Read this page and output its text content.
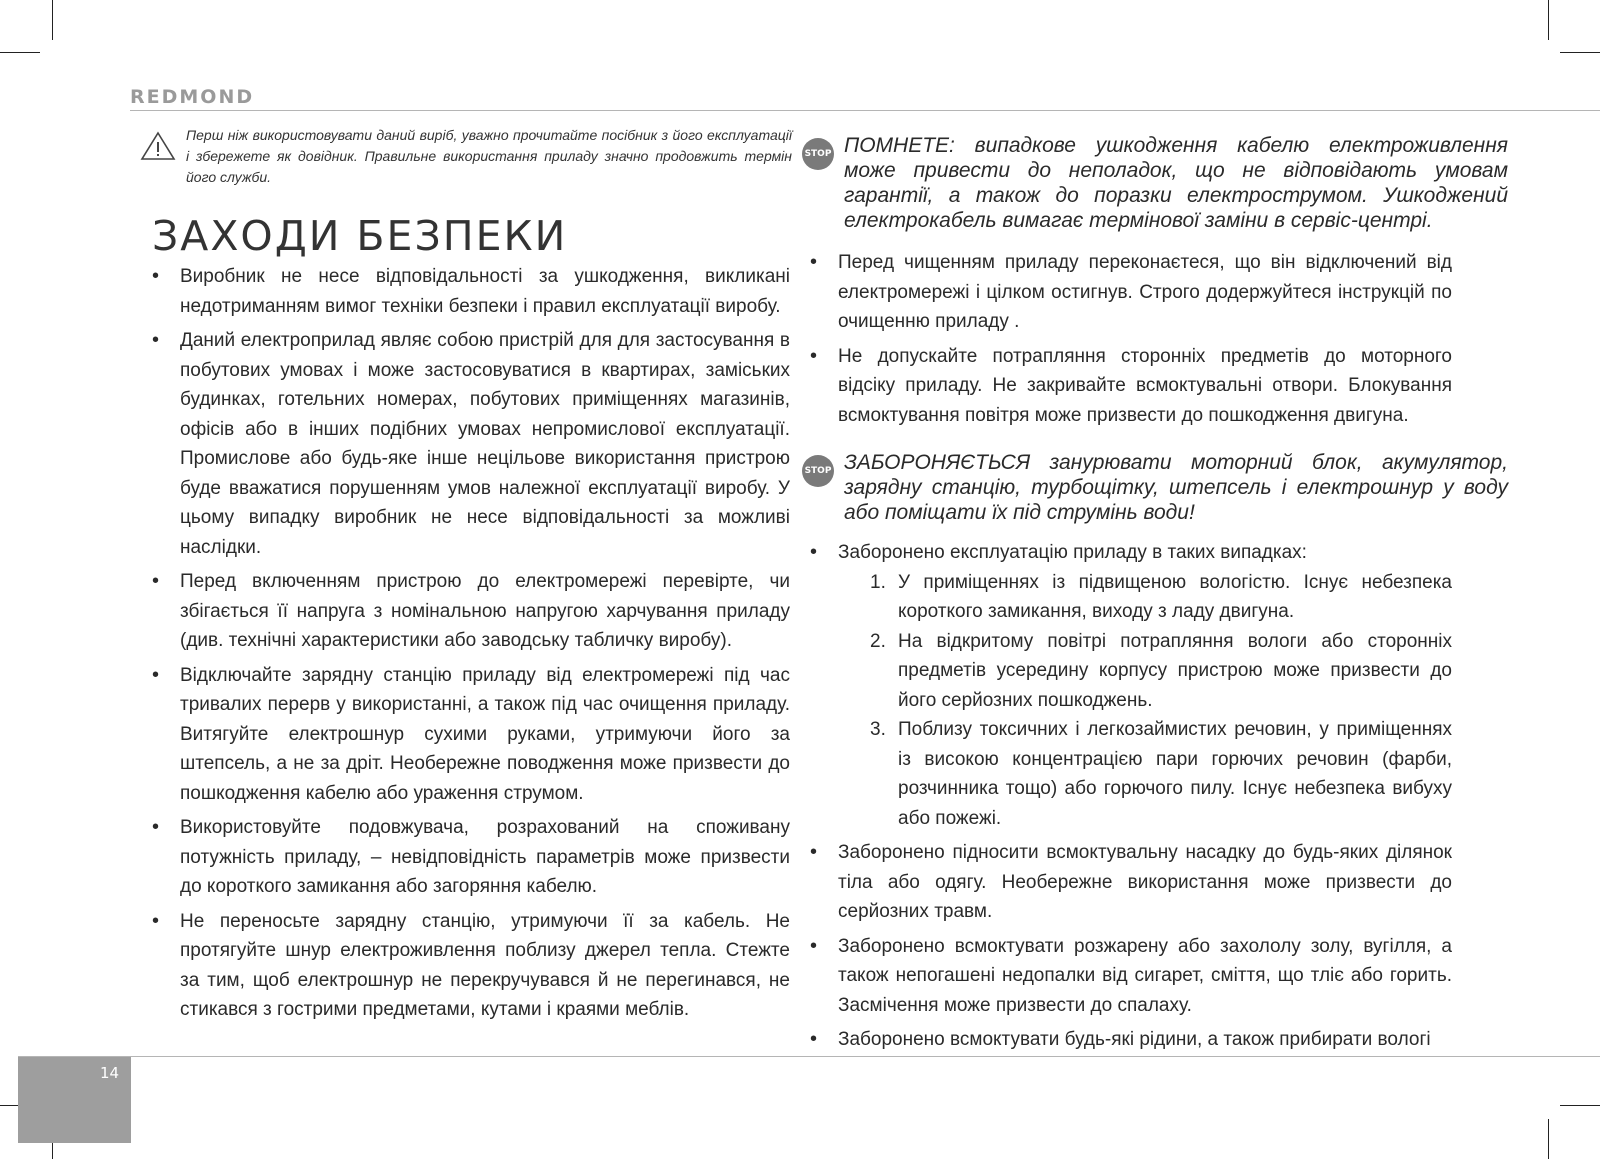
REDMOND
Перш ніж використовувати даний виріб, уважно прочитайте посібник з його експлуатації і збережете як довідник. Правильне використання приладу значно продовжить термін його служби.
ЗАХОДИ БЕЗПЕКИ
• Виробник не несе відповідальності за ушкодження, викликані недотриманням вимог техніки безпеки і правил експлуатації виробу.
• Даний електроприлад являє собою пристрій для для застосування в побутових умовах і може застосовуватися в квартирах, заміських будинках, готельних номерах, побутових приміщеннях магазинів, офісів або в інших подібних умовах непромислової експлуатації. Промислове або будь-яке інше нецільове використання пристрою буде вважатися порушенням умов належної експлуатації виробу. У цьому випадку виробник не несе відповідальності за можливі наслідки.
• Перед включенням пристрою до електромережі перевірте, чи збігається її напруга з номінальною напругою харчування приладу (див. технічні характеристики або заводську табличку виробу).
• Відключайте зарядну станцію приладу від електромережі під час тривалих перерв у використанні, а також під час очищення приладу. Витягуйте електрошнур сухими руками, утримуючи його за штепсель, а не за дріт. Необережне поводження може призвести до пошкодження кабелю або ураження струмом.
• Використовуйте подовжувача, розрахований на споживану потужність приладу, – невідповідність параметрів може призвести до короткого замикання або загоряння кабелю.
• Не переносьте зарядну станцію, утримуючи її за кабель. Не протягуйте шнур електроживлення поблизу джерел тепла. Стежте за тим, щоб електрошнур не перекручувався й не перегинався, не стикався з гострими предметами, кутами і краями меблів.
STOP ПОМНЕТЕ: випадкове ушкодження кабелю електроживлення може привести до неполадок, що не відповідають умовам гарантії, а також до поразки електрострумом. Ушкоджений електрокабель вимагає термінової заміни в сервіс-центрі.
• Перед чищенням приладу переконаєтеся, що він відключений від електромережі і цілком остигнув. Строго додержуйтеся інструкцій по очищенню приладу .
• Не допускайте потрапляння сторонніх предметів до моторного відсіку приладу. Не закривайте всмоктувальні отвори. Блокування всмоктування повітря може призвести до пошкодження двигуна.
STOP ЗАБОРОНЯЄТЬСЯ занурювати моторний блок, акумулятор, зарядну станцію, турбощітку, штепсель і електрошнур у воду або поміщати їх під струмінь води!
• Заборонено експлуатацію приладу в таких випадках:
1. У приміщеннях із підвищеною вологістю. Існує небезпека короткого замикання, виходу з ладу двигуна.
2. На відкритому повітрі потрапляння вологи або сторонніх предметів усередину корпусу пристрою може призвести до його серйозних пошкоджень.
3. Поблизу токсичних і легкозаймистих речовин, у приміщеннях із високою концентрацією пари горючих речовин (фарби, розчинника тощо) або горючого пилу. Існує небезпека вибуху або пожежі.
• Заборонено підносити всмоктувальну насадку до будь-яких ділянок тіла або одягу. Необережне використання може призвести до серйозних травм.
• Заборонено всмоктувати розжарену або захололу золу, вугілля, а також непогашені недопалки від сигарет, сміття, що тліє або горить. Засмічення може призвести до спалаху.
• Заборонено всмоктувати будь-які рідини, а також прибирати вологі
14
